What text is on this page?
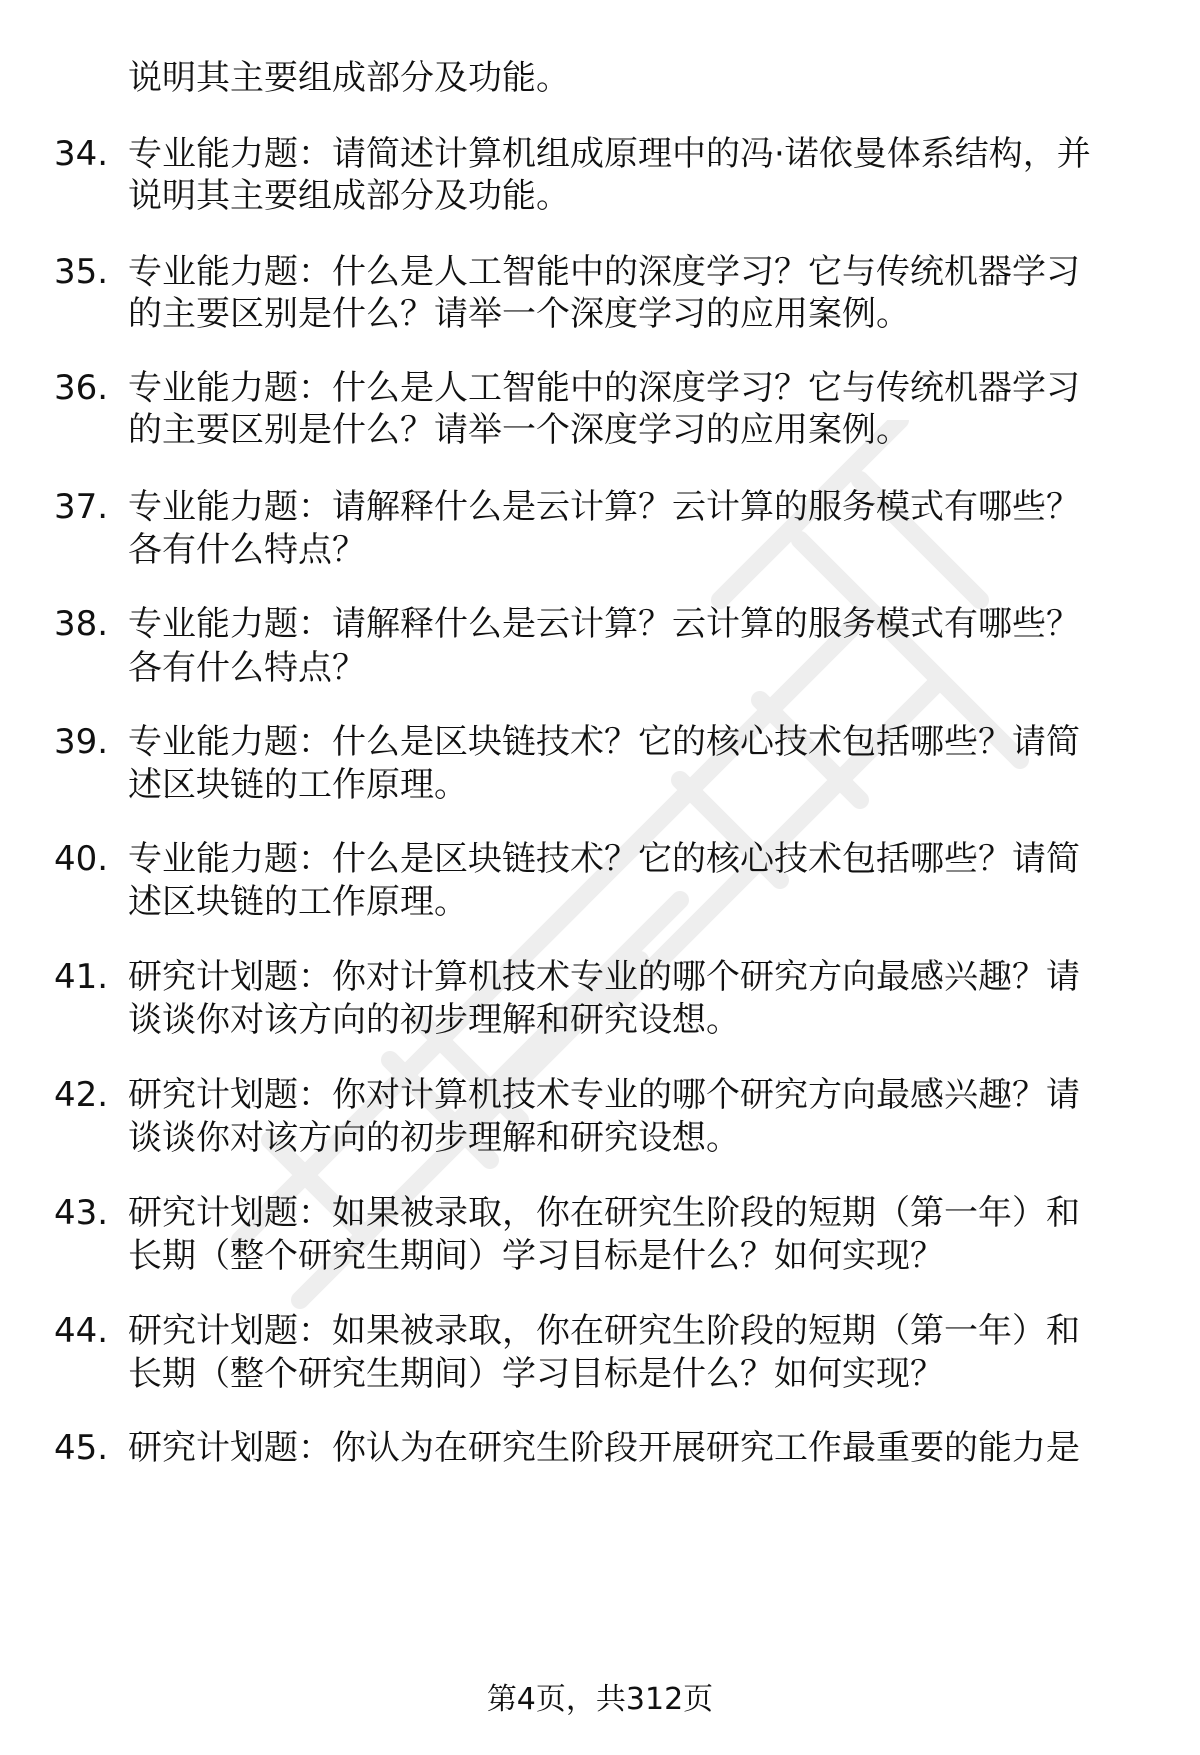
说明其主要组成部分及功能。
34. 专业能力题：请简述计算机组成原理中的冯·诺依曼体系结构，并
说明其主要组成部分及功能。
35. 专业能力题：什么是人工智能中的深度学习？它与传统机器学习
的主要区别是什么？请举一个深度学习的应用案例。
36. 专业能力题：什么是人工智能中的深度学习？它与传统机器学习
的主要区别是什么？请举一个深度学习的应用案例。
37. 专业能力题：请解释什么是云计算？云计算的服务模式有哪些？
各有什么特点？
38. 专业能力题：请解释什么是云计算？云计算的服务模式有哪些？
各有什么特点？
39. 专业能力题：什么是区块链技术？它的核心技术包括哪些？请简
述区块链的工作原理。
40. 专业能力题：什么是区块链技术？它的核心技术包括哪些？请简
述区块链的工作原理。
41. 研究计划题：你对计算机技术专业的哪个研究方向最感兴趣？请
谈谈你对该方向的初步理解和研究设想。
42. 研究计划题：你对计算机技术专业的哪个研究方向最感兴趣？请
谈谈你对该方向的初步理解和研究设想。
43. 研究计划题：如果被录取，你在研究生阶段的短期（第一年）和
长期（整个研究生期间）学习目标是什么？如何实现？
44. 研究计划题：如果被录取，你在研究生阶段的短期（第一年）和
长期（整个研究生期间）学习目标是什么？如何实现？
45. 研究计划题：你认为在研究生阶段开展研究工作最重要的能力是
第4页，共312页
